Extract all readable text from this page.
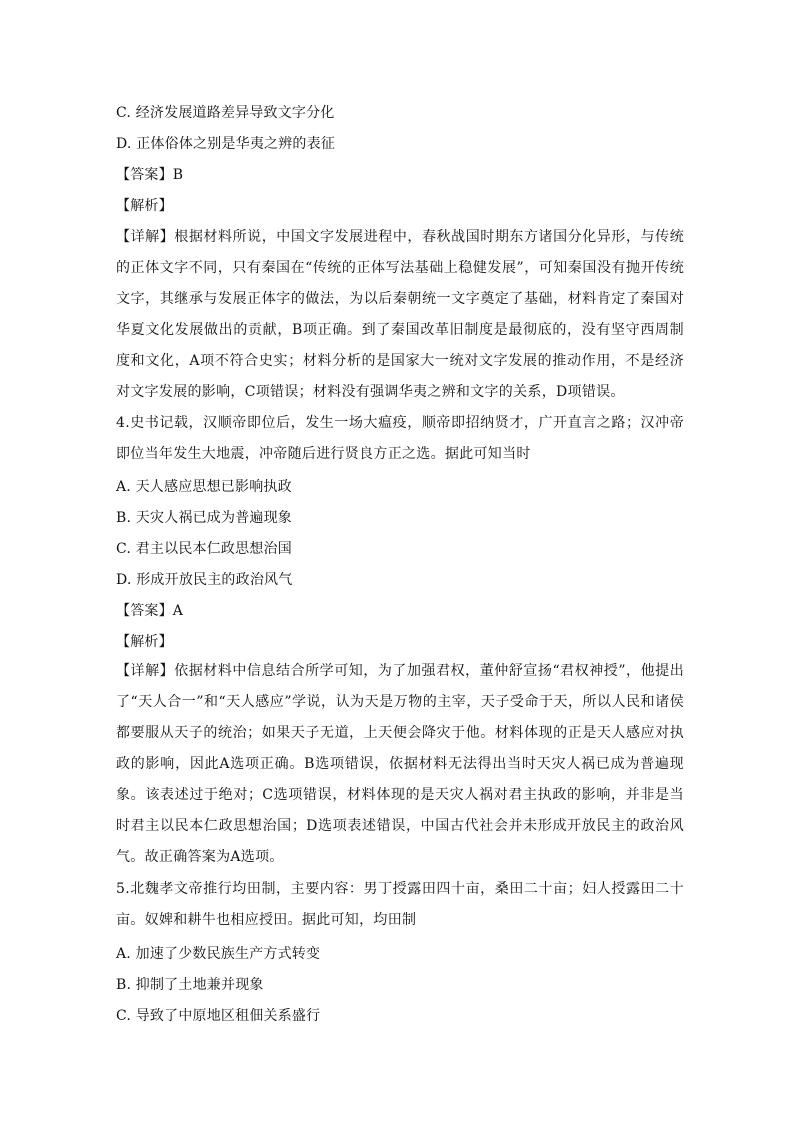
C. 经济发展道路差异导致文字分化
D. 正体俗体之别是华夷之辨的表征
【答案】B
【解析】
【详解】根据材料所说，中国文字发展进程中，春秋战国时期东方诸国分化异形，与传统的正体文字不同，只有秦国在“传统的正体写法基础上稳健发展”，可知秦国没有抛开传统文字，其继承与发展正体字的做法，为以后秦朝统一文字奠定了基础，材料肯定了秦国对华夏文化发展做出的贡献，B项正确。到了秦国改革旧制度是最彻底的，没有坚守西周制度和文化，A项不符合史实；材料分析的是国家大一统对文字发展的推动作用，不是经济对文字发展的影响，C项错误；材料没有强调华夷之辨和文字的关系，D项错误。
4.史书记载，汉顺帝即位后，发生一场大瘟疫，顺帝即招纳贤才，广开直言之路；汉冲帝即位当年发生大地震，冲帝随后进行贤良方正之选。据此可知当时
A. 天人感应思想已影响执政
B. 天灾人祸已成为普遍现象
C. 君主以民本仁政思想治国
D. 形成开放民主的政治风气
【答案】A
【解析】
【详解】依据材料中信息结合所学可知，为了加强君权，董仲舒宣扬“君权神授”，他提出了“天人合一”和“天人感应”学说，认为天是万物的主宰，天子受命于天，所以人民和诸侯都要服从天子的统治；如果天子无道，上天便会降灾于他。材料体现的正是天人感应对执政的影响，因此A选项正确。B选项错误，依据材料无法得出当时天灾人祸已成为普遍现象。该表述过于绝对；C选项错误，材料体现的是天灾人祸对君主执政的影响，并非是当时君主以民本仁政思想治国；D选项表述错误，中国古代社会并未形成开放民主的政治风气。故正确答案为A选项。
5.北魏孝文帝推行均田制，主要内容：男丁授露田四十亩，桑田二十亩；妇人授露田二十亩。奴婢和耕牛也相应授田。据此可知，均田制
A. 加速了少数民族生产方式转变
B. 抑制了土地兼并现象
C. 导致了中原地区租佃关系盛行
